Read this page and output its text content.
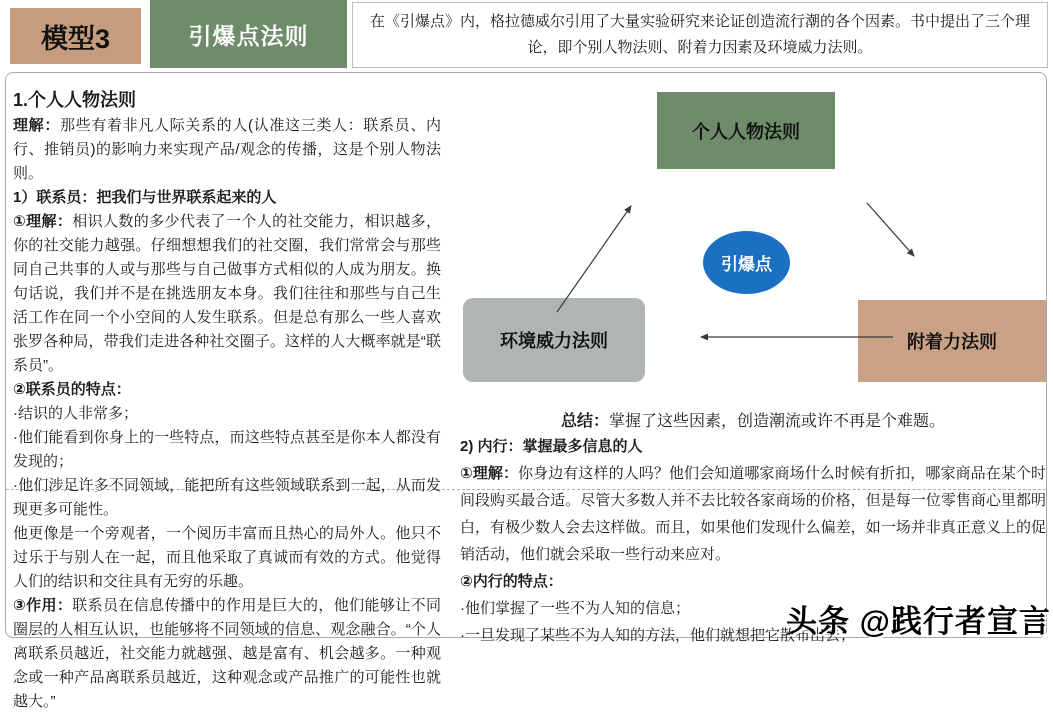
模型3	引爆点法则
在《引爆点》内，格拉德威尔引用了大量实验研究来论证创造流行潮的各个因素。书中提出了三个理论，即个别人物法则、附着力因素及环境威力法则。
1.个人人物法则

理解：那些有着非凡人际关系的人(认准这三类人：联系员、内行、推销员)的影响力来实现产品/观念的传播，这是个别人物法则。

1）联系员：把我们与世界联系起来的人

①理解：相识人数的多少代表了一个人的社交能力，相识越多，你的社交能力越强。仔细想想我们的社交圈，我们常常会与那些同自己共事的人或与那些与自己做事方式相似的人成为朋友。换句话说，我们并不是在挑选朋友本身。我们往往和那些与自己生活工作在同一个小空间的人发生联系。但是总有那么一些人喜欢张罗各种局，带我们走进各种社交圈子。这样的人大概率就是“联系员”。

②联系员的特点：

·结识的人非常多；

·他们能看到你身上的一些特点，而这些特点甚至是你本人都没有发现的；

·他们涉足许多不同领域，能把所有这些领域联系到一起，从而发现更多可能性。

他更像是一个旁观者，一个阅历丰富而且热心的局外人。他只不过乐于与别人在一起，而且他采取了真诚而有效的方式。他觉得人们的结识和交往具有无穷的乐趣。

③作用：联系员在信息传播中的作用是巨大的，他们能够让不同圈层的人相互认识，也能够将不同领域的信息、观念融合。“个人离联系员越近，社交能力就越强、越是富有、机会越多。一种观念或一种产品离联系员越近，这种观念或产品推广的可能性也就越大。”

个人人物法则
引爆点
环境威力法则	附着力法则
总结：掌握了这些因素，创造潮流或许不再是个难题。
2) 内行：掌握最多信息的人

①理解：你身边有这样的人吗？他们会知道哪家商场什么时候有折扣，哪家商品在某个时间段购买最合适。尽管大多数人并不去比较各家商场的价格，但是每一位零售商心里都明白，有极少数人会去这样做。而且，如果他们发现什么偏差，如一场并非真正意义上的促销活动，他们就会采取一些行动来应对。

②内行的特点：

·他们掌握了一些不为人知的信息；

·一旦发现了某些不为人知的方法，他们就想把它散布出去；

头条 @践行者宣言
